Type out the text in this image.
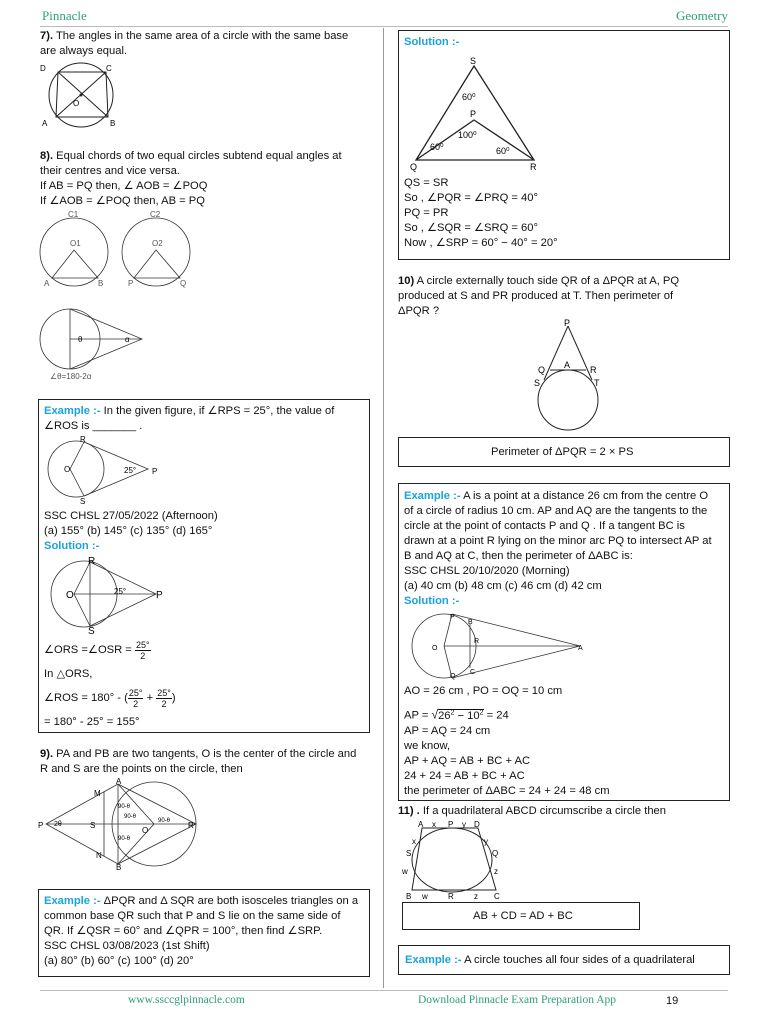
Pinnacle	Geometry
7). The angles in the same area of a circle with the same base
are always equal.
D	C
O
A	B
8). Equal chords of two equal circles subtend equal angles at
their centres and vice versa.
If AB = PQ then, ∠ AOB = ∠POQ
If ∠AOB = ∠POQ then, AB = PQ
C1	C2
O1	O2
A	B	P	Q
θ	α
∠θ=180-2α
Example :- In the given figure, if ∠RPS = 25°, the value of
∠ROS is _______ .
R
O
S
P
25°
SSC CHSL 27/05/2022 (Afternoon)
(a) 155° (b) 145° (c) 135° (d) 165°
Solution :-
R
O
S
P
25°
∠ORS =∠OSR = $\frac{25^\circ}{2}$
In △ORS,
∠ROS = 180° - ( $\frac{25^\circ}{2} + \frac{25^\circ}{2}$ )
= 180° - 25° = 155°
9). PA and PB are two tangents, O is the center of the circle and
R and S are the points on the circle, then
A
M
P	S
O
R
N
B
2θ
90-θ
90-θ
90-θ
90-θ
Example :- ΔPQR and Δ SQR are both isosceles triangles on a
common base QR such that P and S lie on the same side of
QR. If ∠QSR = 60° and ∠QPR = 100°, then find ∠SRP.
SSC CHSL 03/08/2023 (1st Shift)
(a) 80° (b) 60° (c) 100° (d) 20°
Solution :-
S
P
Q	R
60⁰
100⁰
60⁰	60⁰
QS = SR
So , ∠PQR = ∠PRQ = 40°
PQ = PR
So , ∠SQR = ∠SRQ = 60°
Now , ∠SRP = 60° − 40° = 20°
10) A circle externally touch side QR of a ΔPQR at A, PQ
produced at S and PR produced at T. Then perimeter of
ΔPQR ?
P
Q A R
S	T
Perimeter of ΔPQR = 2 × PS
Example :- A is a point at a distance 26 cm from the centre O
of a circle of radius 10 cm. AP and AQ are the tangents to the
circle at the point of contacts P and Q . If a tangent BC is
drawn at a point R lying on the minor arc PQ to intersect AP at
B and AQ at C, then the perimeter of ΔABC is:
SSC CHSL 20/10/2020 (Morning)
(a) 40 cm (b) 48 cm (c) 46 cm (d) 42 cm
Solution :-
P
B
O
R
A
Q
C
AO = 26 cm , PO = OQ = 10 cm
AP = $√26^2 - 10^2 = 24$
AP = AQ = 24 cm
we know,
AP + AQ = AB + BC + AC
24 + 24 = AB + BC + AC
the perimeter of ΔABC = 24 + 24 = 48 cm
11) . If a quadrilateral ABCD circumscribe a circle then
A x P y D
x	y
S	Q
w	z
B w	R	z C
AB + CD = AD + BC
Example :- A circle touches all four sides of a quadrilateral
www.ssccglpinnacle.com	Download Pinnacle Exam Preparation App	19
